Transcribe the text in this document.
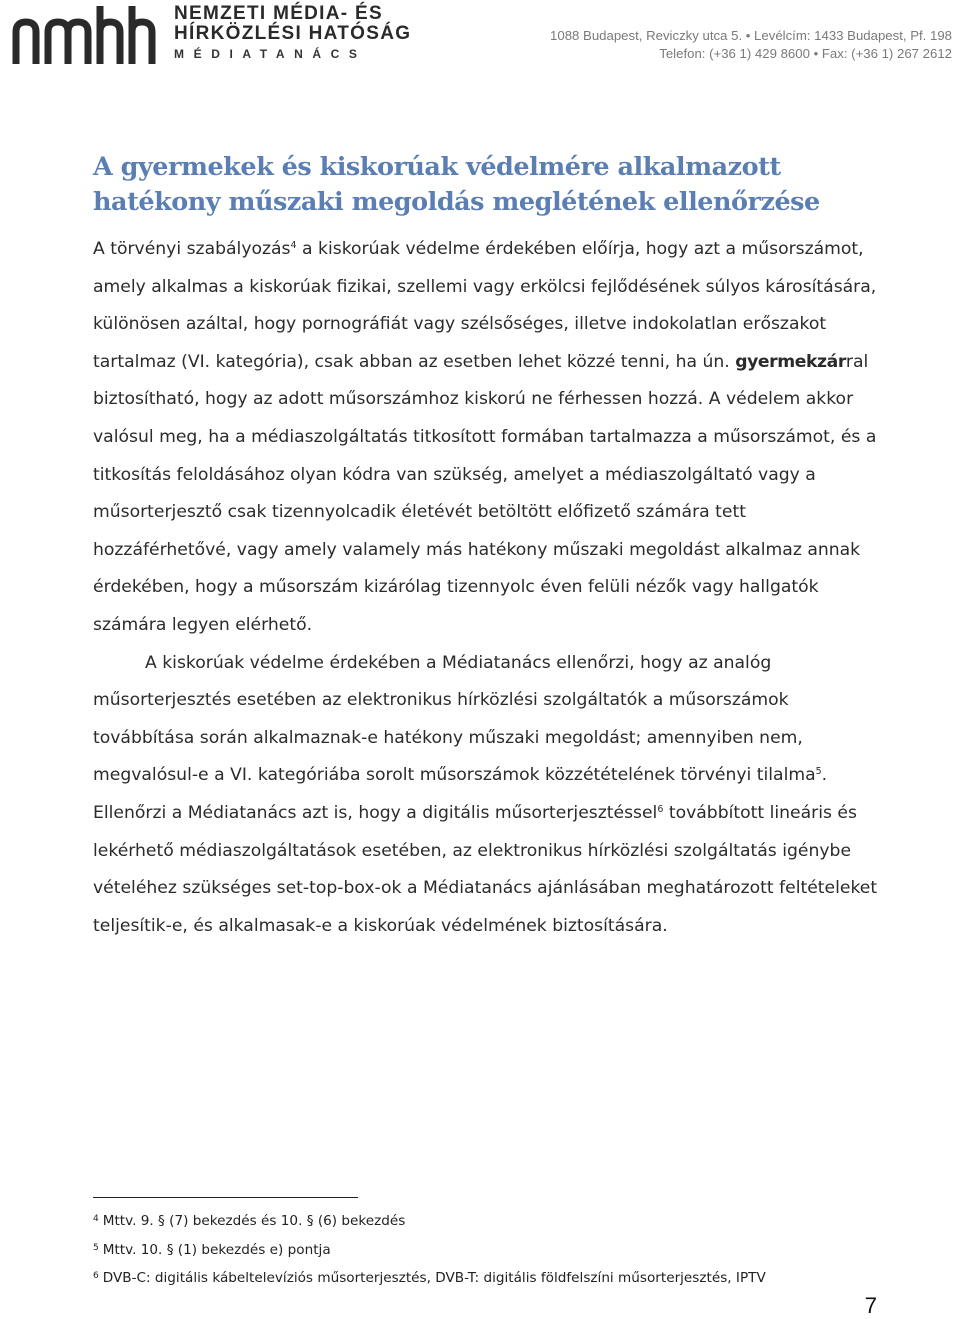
NEMZETI MÉDIA- ÉS
HÍRKÖZLÉSI HATÓSÁG
MÉDIATANÁCS
1088 Budapest, Reviczky utca 5. • Levélcím: 1433 Budapest, Pf. 198
Telefon: (+36 1) 429 8600 • Fax: (+36 1) 267 2612
A gyermekek és kiskorúak védelmére alkalmazott hatékony műszaki megoldás meglétének ellenőrzése

A törvényi szabályozás$^4$ a kiskorúak védelme érdekében előírja, hogy azt a műsorszámot, amely alkalmas a kiskorúak fizikai, szellemi vagy erkölcsi fejlődésének súlyos károsítására, különösen azáltal, hogy pornográfiát vagy szélsőséges, illetve indokolatlan erőszakot tartalmaz (VI. kategória), csak abban az esetben lehet közzé tenni, ha ún. gyermekzárral biztosítható, hogy az adott műsorszámhoz kiskorú ne férhessen hozzá. A védelem akkor valósul meg, ha a médiaszolgáltatás titkosított formában tartalmazza a műsorszámot, és a titkosítás feloldásához olyan kódra van szükség, amelyet a médiaszolgáltató vagy a műsorterjesztő csak tizennyolcadik életévét betöltött előfizető számára tett hozzáférhetővé, vagy amely valamely más hatékony műszaki megoldást alkalmaz annak érdekében, hogy a műsorszám kizárólag tizennyolc éven felüli nézők vagy hallgatók számára legyen elérhető.

A kiskorúak védelme érdekében a Médiatanács ellenőrzi, hogy az analóg műsorterjesztés esetében az elektronikus hírközlési szolgáltatók a műsorszámok továbbítása során alkalmaznak-e hatékony műszaki megoldást; amennyiben nem, megvalósul-e a VI. kategóriába sorolt műsorszámok közzétételének törvényi tilalma$^5$. Ellenőrzi a Médiatanács azt is, hogy a digitális műsorterjesztéssel$^6$ továbbított lineáris és lekérhető médiaszolgáltatások esetében, az elektronikus hírközlési szolgáltatás igénybe vételéhez szükséges set-top-box-ok a Médiatanács ajánlásában meghatározott feltételeket teljesítik-e, és alkalmasak-e a kiskorúak védelmének biztosítására.

$^4$ Mttv. 9. § (7) bekezdés és 10. § (6) bekezdés
$^5$ Mttv. 10. § (1) bekezdés e) pontja
$^6$ DVB-C: digitális kábeltelevíziós műsorterjesztés, DVB-T: digitális földfelszíni műsorterjesztés, IPTV
7
